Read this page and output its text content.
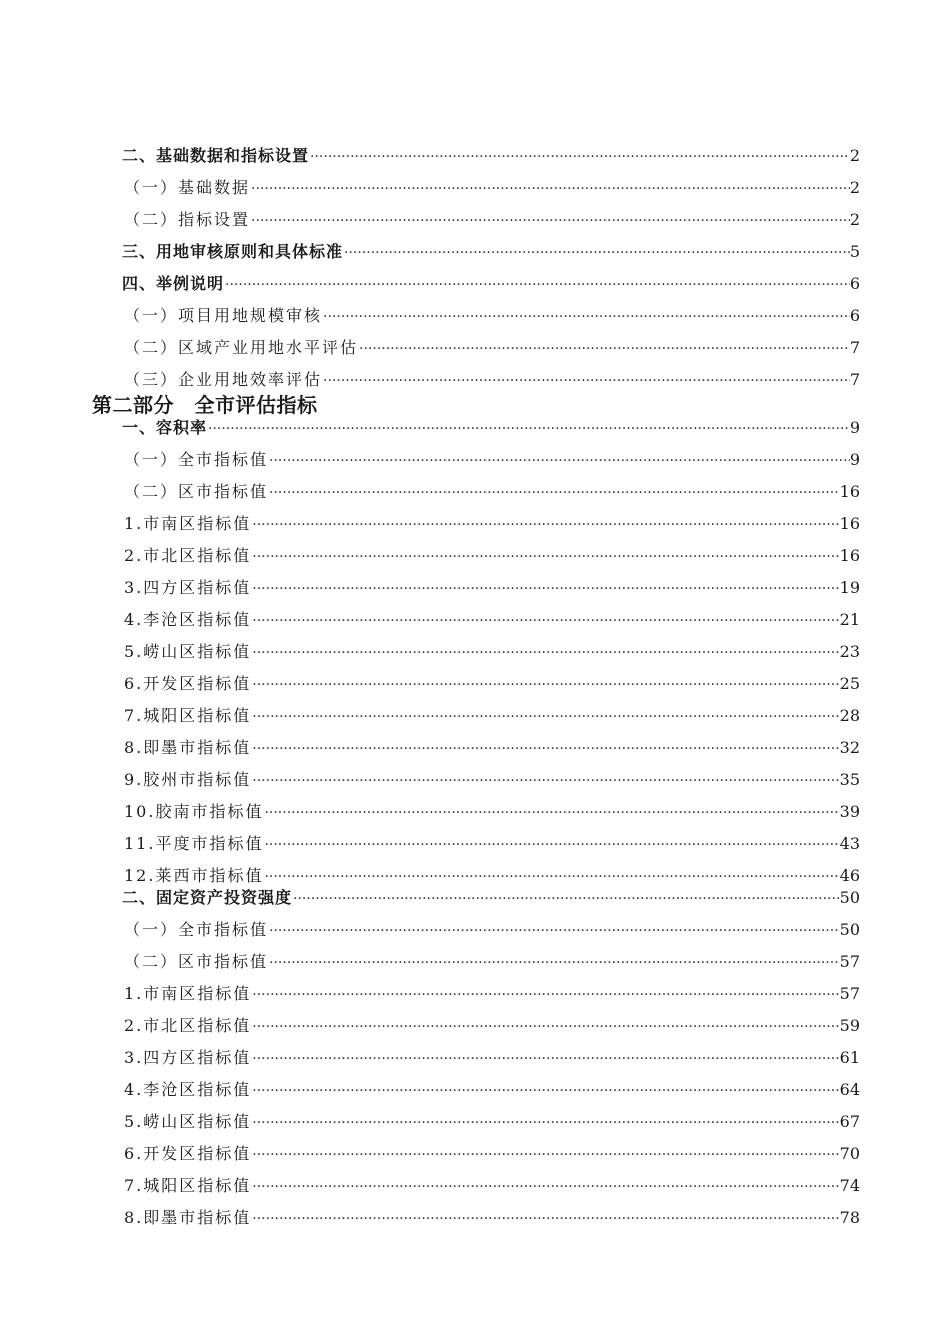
第二部分　全市评估指标
二、基础数据和指标设置 ·····	2
（一）基础数据 ·····	2
（二）指标设置 ·····	2
三、用地审核原则和具体标准 ·····	5
四、举例说明 ·····	6
（一）项目用地规模审核 ·····	6
（二）区域产业用地水平评估 ·····	7
（三）企业用地效率评估 ·····	7
一、容积率 ·····	9
（一）全市指标值 ·····	9
（二）区市指标值 ·····	16
1.市南区指标值 ·····	16
2.市北区指标值 ·····	16
3.四方区指标值 ·····	19
4.李沧区指标值 ·····	21
5.崂山区指标值 ·····	23
6.开发区指标值 ·····	25
7.城阳区指标值 ·····	28
8.即墨市指标值 ·····	32
9.胶州市指标值 ·····	35
10.胶南市指标值 ·····	39
11.平度市指标值 ·····	43
12.莱西市指标值 ·····	46
二、固定资产投资强度 ·····	50
（一）全市指标值 ·····	50
（二）区市指标值 ·····	57
1.市南区指标值 ·····	57
2.市北区指标值 ·····	59
3.四方区指标值 ·····	61
4.李沧区指标值 ·····	64
5.崂山区指标值 ·····	67
6.开发区指标值 ·····	70
7.城阳区指标值 ·····	74
8.即墨市指标值 ·····	78
